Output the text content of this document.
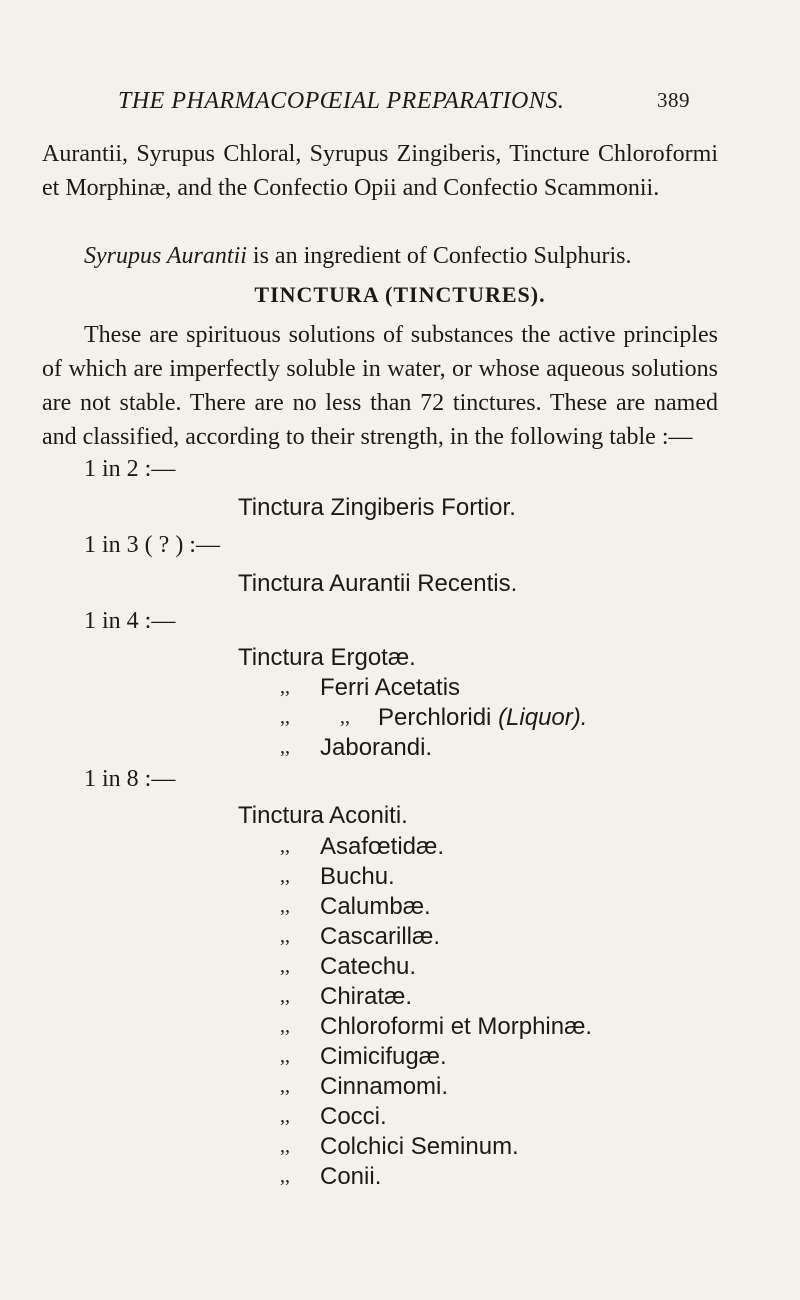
THE PHARMACOPŒIAL PREPARATIONS.	389
Aurantii, Syrupus Chloral, Syrupus Zingiberis, Tincture Chloroformi et Morphinæ, and the Confectio Opii and Confectio Scammonii.
Syrupus Aurantii is an ingredient of Confectio Sulphuris.
TINCTURA (TINCTURES).
These are spirituous solutions of substances the active principles of which are imperfectly soluble in water, or whose aqueous solutions are not stable. There are no less than 72 tinctures. These are named and classified, according to their strength, in the following table :—
1 in 2 :—
Tinctura Zingiberis Fortior.
1 in 3 ( ? ) :—
Tinctura Aurantii Recentis.
1 in 4 :—
Tinctura Ergotæ.
,, Ferri Acetatis
,,	,, Perchloridi (Liquor).
,, Jaborandi.
1 in 8 :—
Tinctura Aconiti.
,, Asafœtidæ.
,, Buchu.
,, Calumbæ.
,, Cascarillæ.
,, Catechu.
,, Chiratæ.
,, Chloroformi et Morphinæ.
,, Cimicifugæ.
,, Cinnamomi.
,, Cocci.
,, Colchici Seminum.
,, Conii.
